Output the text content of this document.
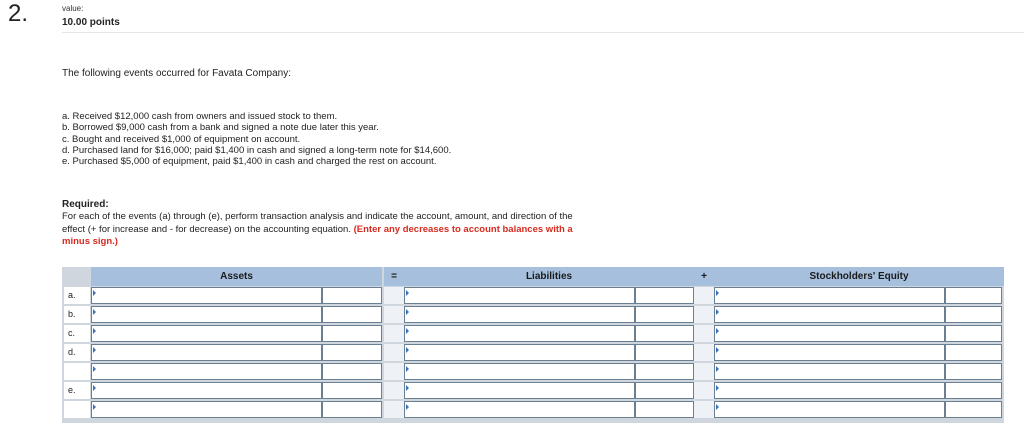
2.	value:
10.00 points
The following events occurred for Favata Company:
a. Received $12,000 cash from owners and issued stock to them.
b. Borrowed $9,000 cash from a bank and signed a note due later this year.
c. Bought and received $1,000 of equipment on account.
d. Purchased land for $16,000; paid $1,400 in cash and signed a long-term note for $14,600.
e. Purchased $5,000 of equipment, paid $1,400 in cash and charged the rest on account.
Required:
For each of the events (a) through (e), perform transaction analysis and indicate the account, amount, and direction of the effect (+ for increase and - for decrease) on the accounting equation. (Enter any decreases to account balances with a minus sign.)
Assets	=	Liabilities	+	Stockholders' Equity
a.
b.
c.
d.
e.
